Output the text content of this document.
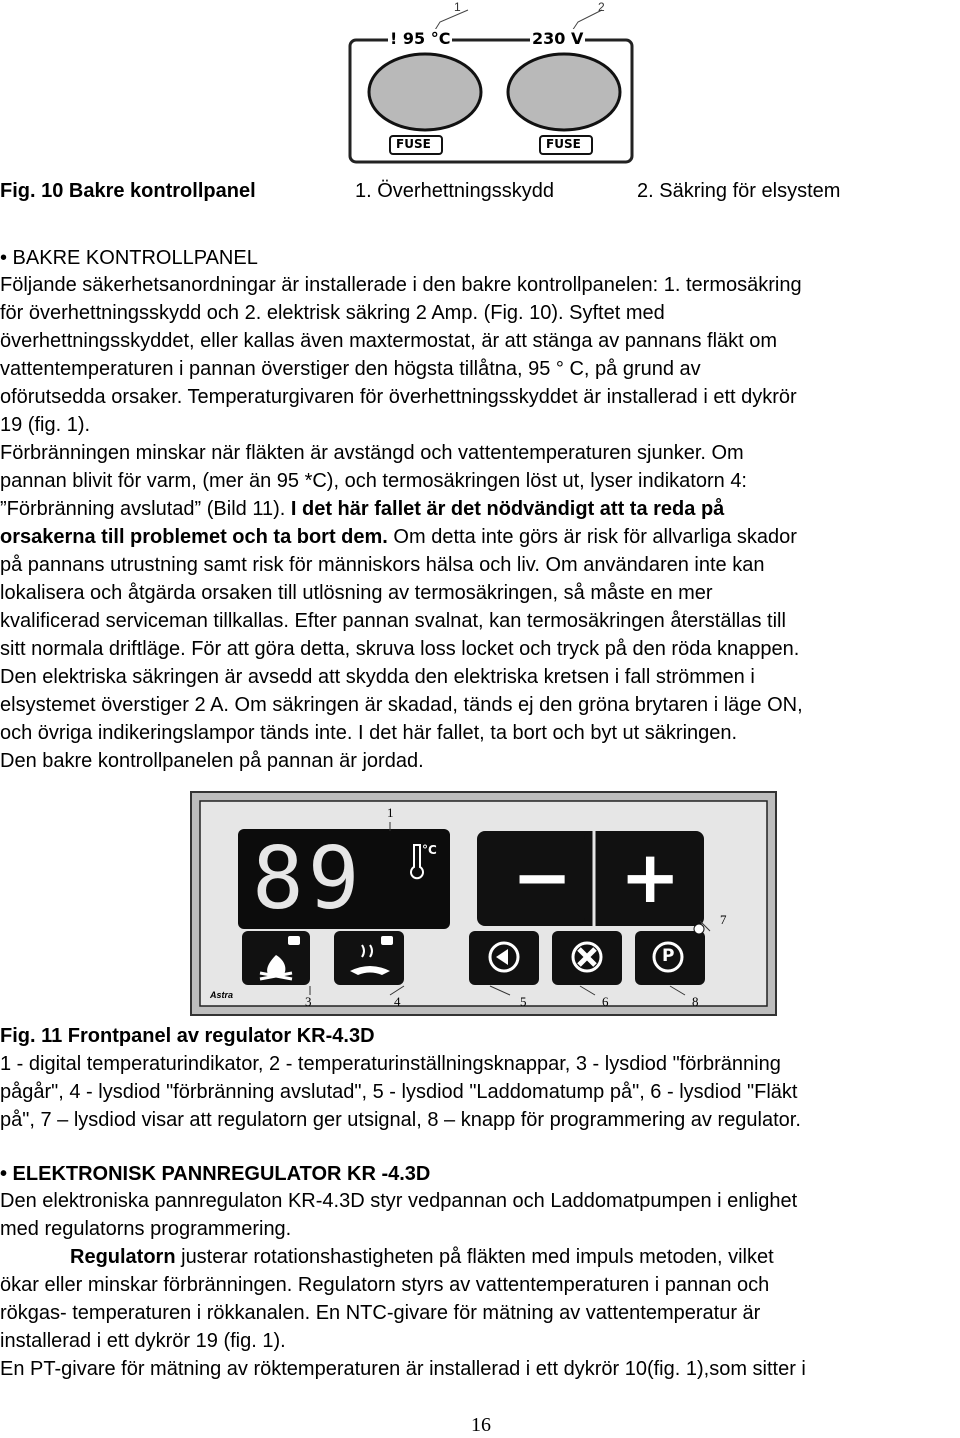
1	2
! 95 °C	230 V
FUSE	FUSE
Fig. 10 Bakre kontrollpanel	1. Överhettningsskydd	2. Säkring för elsystem
• BAKRE KONTROLLPANEL
Följande säkerhetsanordningar är installerade i den bakre kontrollpanelen: 1. termosäkring
för överhettningsskydd och 2. elektrisk säkring 2 Amp. (Fig. 10). Syftet med
överhettningsskyddet, eller kallas även maxtermostat, är att stänga av pannans fläkt om
vattentemperaturen i pannan överstiger den högsta tillåtna, 95 ° C, på grund av
oförutsedda orsaker. Temperaturgivaren för överhettningsskyddet är installerad i ett dykrör
19 (fig. 1).
Förbränningen minskar när fläkten är avstängd och vattentemperaturen sjunker. Om
pannan blivit för varm, (mer än 95 *C), och termosäkringen löst ut, lyser indikatorn 4:
”Förbränning avslutad” (Bild 11). I det här fallet är det nödvändigt att ta reda på
orsakerna till problemet och ta bort dem. Om detta inte görs är risk för allvarliga skador
på pannans utrustning samt risk för människors hälsa och liv. Om användaren inte kan
lokalisera och åtgärda orsaken till utlösning av termosäkringen, så måste en mer
kvalificerad serviceman tillkallas. Efter pannan svalnat, kan termosäkringen återställas till
sitt normala driftläge. För att göra detta, skruva loss locket och tryck på den röda knappen.
Den elektriska säkringen är avsedd att skydda den elektriska kretsen i fall strömmen i
elsystemet överstiger 2 A. Om säkringen är skadad, tänds ej den gröna brytaren i läge ON,
och övriga indikeringslampor tänds inte. I det här fallet, ta bort och byt ut säkringen.
Den bakre kontrollpanelen på pannan är jordad.
89	°C − +
P
1
7
3	4	5	6	8
Astra
Fig. 11 Frontpanel av regulator KR-4.3D
1 - digital temperaturindikator, 2 - temperaturinställningsknappar, 3 - lysdiod "förbränning
pågår", 4 - lysdiod "förbränning avslutad", 5 - lysdiod "Laddomatump på", 6 - lysdiod "Fläkt
på", 7 – lysdiod visar att regulatorn ger utsignal, 8 – knapp för programmering av regulator.
• ELEKTRONISK PANNREGULATOR KR -4.3D
Den elektroniska pannregulaton KR-4.3D styr vedpannan och Laddomatpumpen i enlighet
med regulatorns programmering.
Regulatorn justerar rotationshastigheten på fläkten med impuls metoden, vilket
ökar eller minskar förbränningen. Regulatorn styrs av vattentemperaturen i pannan och
rökgas- temperaturen i rökkanalen. En NTC-givare för mätning av vattentemperatur är
installerad i ett dykrör 19 (fig. 1).
En PT-givare för mätning av röktemperaturen är installerad i ett dykrör 10(fig. 1),som sitter i
16
